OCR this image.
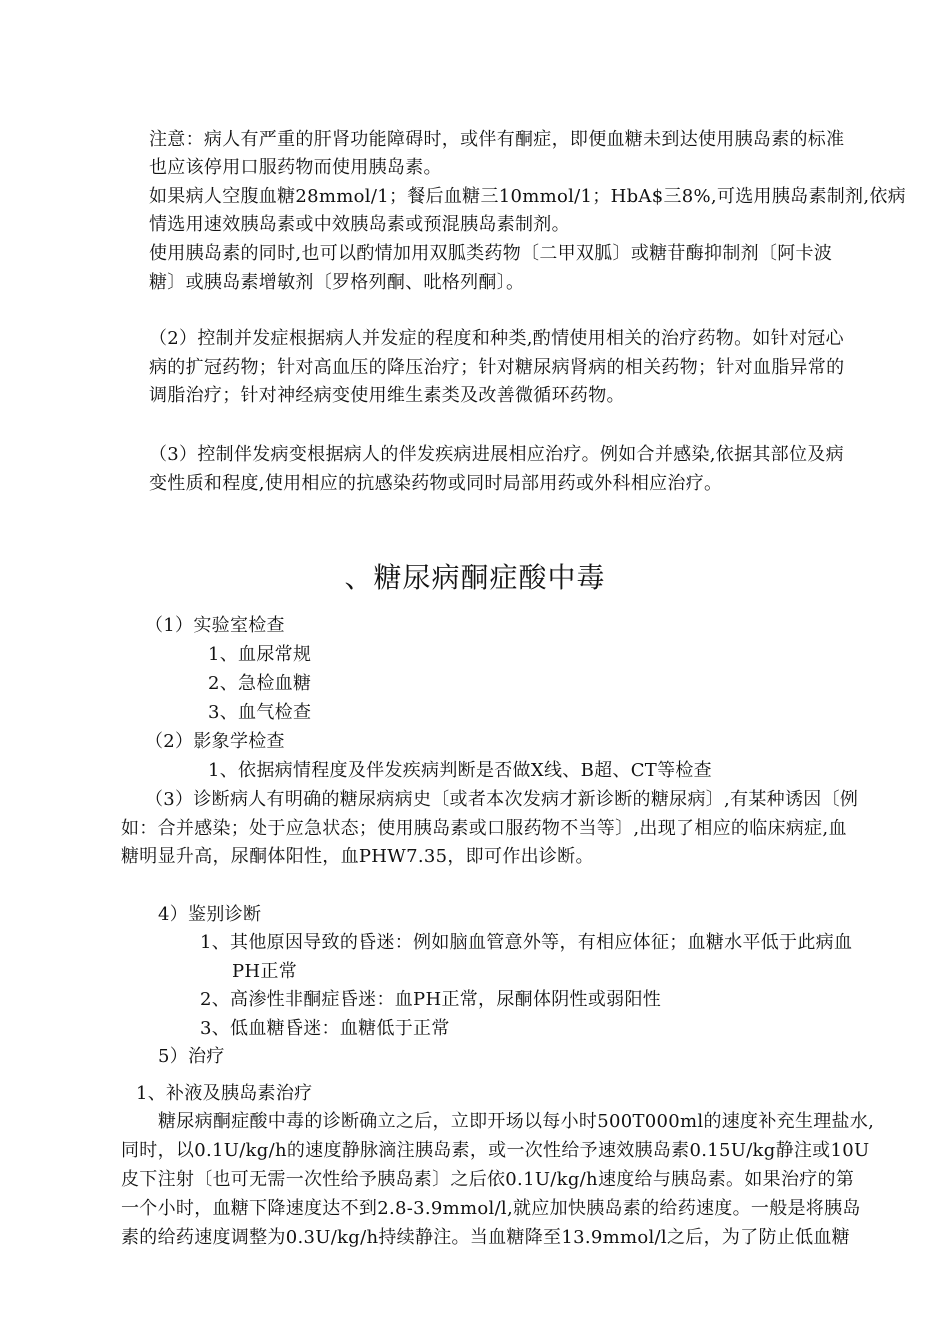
注意：病人有严重的肝肾功能障碍时，或伴有酮症，即便血糖未到达使用胰岛素的标准
也应该停用口服药物而使用胰岛素。
如果病人空腹血糖28mmol/1；餐后血糖三10mmol/1；HbA$三8%,可选用胰岛素制剂,依病
情选用速效胰岛素或中效胰岛素或预混胰岛素制剂。
使用胰岛素的同时,也可以酌情加用双胍类药物〔二甲双胍〕或糖苷酶抑制剂〔阿卡波
糖〕或胰岛素增敏剂〔罗格列酮、吡格列酮〕。
（2）控制并发症根据病人并发症的程度和种类,酌情使用相关的治疗药物。如针对冠心
病的扩冠药物；针对高血压的降压治疗；针对糖尿病肾病的相关药物；针对血脂异常的
调脂治疗；针对神经病变使用维生素类及改善微循环药物。
（3）控制伴发病变根据病人的伴发疾病进展相应治疗。例如合并感染,依据其部位及病
变性质和程度,使用相应的抗感染药物或同时局部用药或外科相应治疗。
、糖尿病酮症酸中毒
（1）实验室检查
1、血尿常规
2、急检血糖
3、血气检查
（2）影象学检查
1、依据病情程度及伴发疾病判断是否做X线、B超、CT等检查
（3）诊断病人有明确的糖尿病病史〔或者本次发病才新诊断的糖尿病〕,有某种诱因〔例
如：合并感染；处于应急状态；使用胰岛素或口服药物不当等〕,出现了相应的临床病症,血
糖明显升高，尿酮体阳性，血PHW7.35，即可作出诊断。
4）鉴别诊断
1、其他原因导致的昏迷：例如脑血管意外等，有相应体征；血糖水平低于此病血
PH正常
2、高渗性非酮症昏迷：血PH正常，尿酮体阴性或弱阳性
3、低血糖昏迷：血糖低于正常
5）治疗
1、补液及胰岛素治疗
糖尿病酮症酸中毒的诊断确立之后，立即开场以每小时500T000ml的速度补充生理盐水,
同时，以0.1U/kg/h的速度静脉滴注胰岛素，或一次性给予速效胰岛素0.15U/kg静注或10U
皮下注射〔也可无需一次性给予胰岛素〕之后依0.1U/kg/h速度给与胰岛素。如果治疗的第
一个小时，血糖下降速度达不到2.8-3.9mmol/l,就应加快胰岛素的给药速度。一般是将胰岛
素的给药速度调整为0.3U/kg/h持续静注。当血糖降至13.9mmol/l之后，为了防止低血糖
